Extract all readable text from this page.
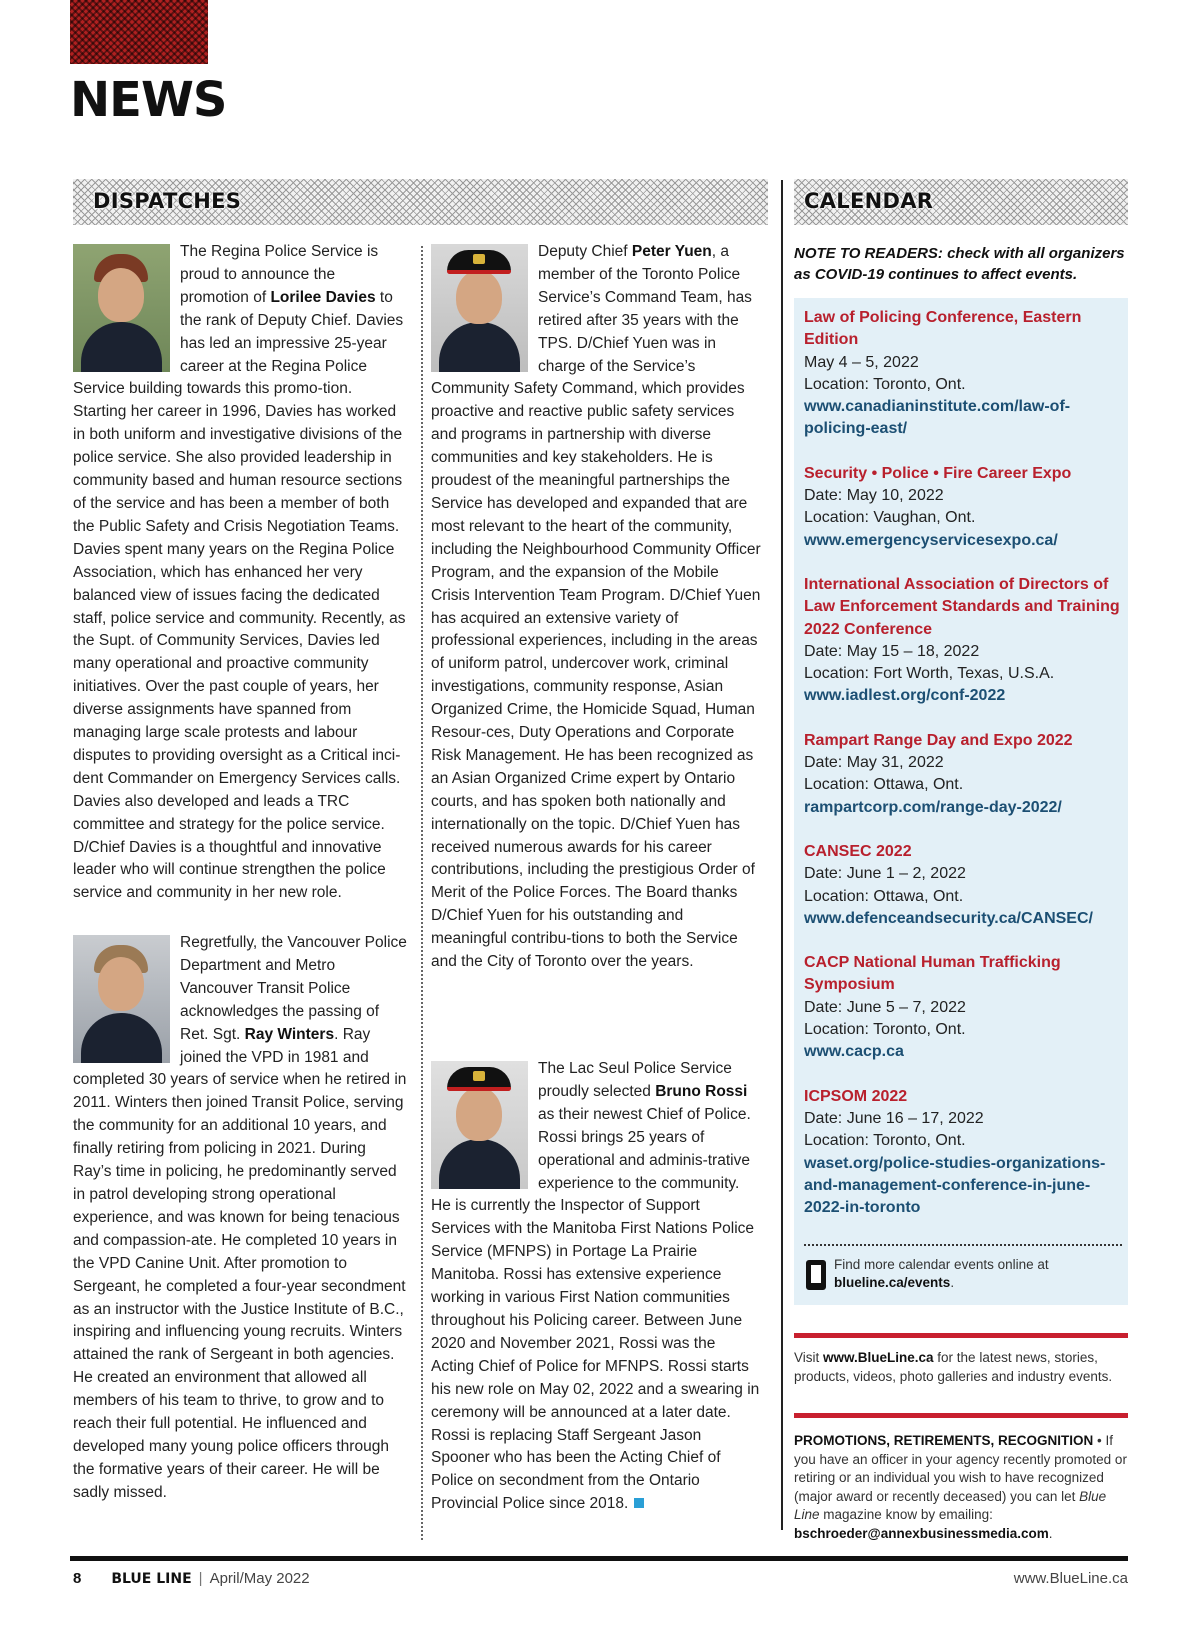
NEWS
DISPATCHES	CALENDAR
The Regina Police Service is proud to announce the promotion of Lorilee Davies to the rank of Deputy Chief. Davies has led an impressive 25-year career at the Regina Police Service building towards this promo-tion. Starting her career in 1996, Davies has worked in both uniform and investigative divisions of the police service. She also provided leadership in community based and human resource sections of the service and has been a member of both the Public Safety and Crisis Negotiation Teams. Davies spent many years on the Regina Police Association, which has enhanced her very balanced view of issues facing the dedicated staff, police service and community. Recently, as the Supt. of Community Services, Davies led many operational and proactive community initiatives. Over the past couple of years, her diverse assignments have spanned from managing large scale protests and labour disputes to providing oversight as a Critical inci-dent Commander on Emergency Services calls. Davies also developed and leads a TRC committee and strategy for the police service. D/Chief Davies is a thoughtful and innovative leader who will continue strengthen the police service and community in her new role.
Regretfully, the Vancouver Police Department and Metro Vancouver Transit Police acknowledges the passing of Ret. Sgt. Ray Winters. Ray joined the VPD in 1981 and completed 30 years of service when he retired in 2011. Winters then joined Transit Police, serving the community for an additional 10 years, and finally retiring from policing in 2021. During Ray’s time in policing, he predominantly served in patrol developing strong operational experience, and was known for being tenacious and compassion-ate. He completed 10 years in the VPD Canine Unit. After promotion to Sergeant, he completed a four-year secondment as an instructor with the Justice Institute of B.C., inspiring and influencing young recruits. Winters attained the rank of Sergeant in both agencies. He created an environment that allowed all members of his team to thrive, to grow and to reach their full potential. He influenced and developed many young police officers through the formative years of their career. He will be sadly missed.
Deputy Chief Peter Yuen, a member of the Toronto Police Service’s Command Team, has retired after 35 years with the TPS. D/Chief Yuen was in charge of the Service’s Community Safety Command, which provides proactive and reactive public safety services and programs in partnership with diverse communities and key stakeholders. He is proudest of the meaningful partnerships the Service has developed and expanded that are most relevant to the heart of the community, including the Neighbourhood Community Officer Program, and the expansion of the Mobile Crisis Intervention Team Program. D/Chief Yuen has acquired an extensive variety of professional experiences, including in the areas of uniform patrol, undercover work, criminal investigations, community response, Asian Organized Crime, the Homicide Squad, Human Resour-ces, Duty Operations and Corporate Risk Management. He has been recognized as an Asian Organized Crime expert by Ontario courts, and has spoken both nationally and internationally on the topic. D/Chief Yuen has received numerous awards for his career contributions, including the prestigious Order of Merit of the Police Forces. The Board thanks D/Chief Yuen for his outstanding and meaningful contribu-tions to both the Service and the City of Toronto over the years.
The Lac Seul Police Service proudly selected Bruno Rossi as their newest Chief of Police. Rossi brings 25 years of operational and adminis-trative experience to the community. He is currently the Inspector of Support Services with the Manitoba First Nations Police Service (MFNPS) in Portage La Prairie Manitoba. Rossi has extensive experience working in various First Nation communities throughout his Policing career. Between June 2020 and November 2021, Rossi was the Acting Chief of Police for MFNPS. Rossi starts his new role on May 02, 2022 and a swearing in ceremony will be announced at a later date. Rossi is replacing Staff Sergeant Jason Spooner who has been the Acting Chief of Police on secondment from the Ontario Provincial Police since 2018.
NOTE TO READERS: check with all organizers as COVID-19 continues to affect events.
Law of Policing Conference, Eastern Edition
May 4 – 5, 2022
Location: Toronto, Ont.
www.canadianinstitute.com/law-of-policing-east/
Security • Police • Fire Career Expo
Date: May 10, 2022
Location: Vaughan, Ont.
www.emergencyservicesexpo.ca/
International Association of Directors of Law Enforcement Standards and Training 2022 Conference
Date: May 15 – 18, 2022
Location: Fort Worth, Texas, U.S.A.
www.iadlest.org/conf-2022
Rampart Range Day and Expo 2022
Date: May 31, 2022
Location: Ottawa, Ont.
rampartcorp.com/range-day-2022/
CANSEC 2022
Date: June 1 – 2, 2022
Location: Ottawa, Ont.
www.defenceandsecurity.ca/CANSEC/
CACP National Human Trafficking Symposium
Date: June 5 – 7, 2022
Location: Toronto, Ont.
www.cacp.ca
ICPSOM 2022
Date: June 16 – 17, 2022
Location: Toronto, Ont.
waset.org/police-studies-organizations-and-management-conference-in-june-2022-in-toronto
Find more calendar events online at blueline.ca/events.
Visit www.BlueLine.ca for the latest news, stories, products, videos, photo galleries and industry events.
PROMOTIONS, RETIREMENTS, RECOGNITION • If you have an officer in your agency recently promoted or retiring or an individual you wish to have recognized (major award or recently deceased) you can let Blue Line magazine know by emailing: bschroeder@annexbusinessmedia.com.
8 BLUE LINE | April/May 2022	www.BlueLine.ca
